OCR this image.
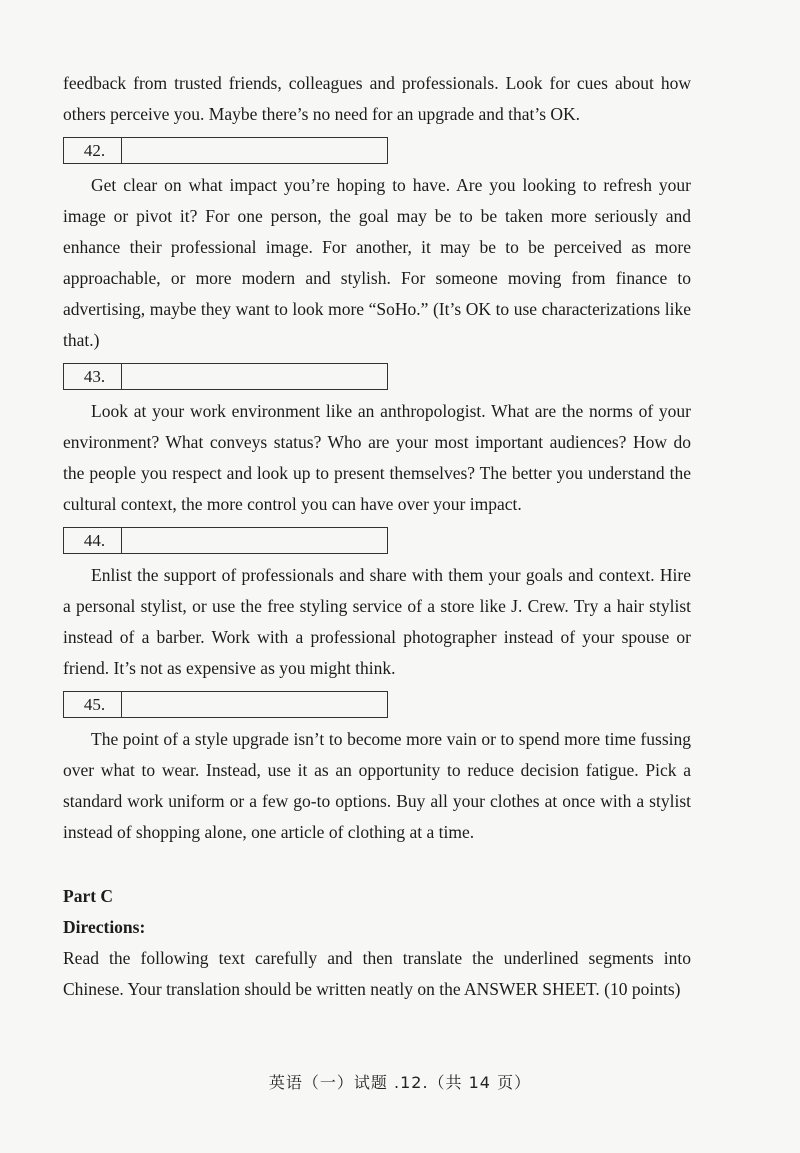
feedback from trusted friends, colleagues and professionals. Look for cues about how others perceive you. Maybe there’s no need for an upgrade and that’s OK.

42.

Get clear on what impact you’re hoping to have. Are you looking to refresh your image or pivot it? For one person, the goal may be to be taken more seriously and enhance their professional image. For another, it may be to be perceived as more approachable, or more modern and stylish. For someone moving from finance to advertising, maybe they want to look more “SoHo.” (It’s OK to use characterizations like that.)

43.

Look at your work environment like an anthropologist. What are the norms of your environment? What conveys status? Who are your most important audiences? How do the people you respect and look up to present themselves? The better you understand the cultural context, the more control you can have over your impact.

44.

Enlist the support of professionals and share with them your goals and context. Hire a personal stylist, or use the free styling service of a store like J. Crew. Try a hair stylist instead of a barber. Work with a professional photographer instead of your spouse or friend. It’s not as expensive as you might think.

45.

The point of a style upgrade isn’t to become more vain or to spend more time fussing over what to wear. Instead, use it as an opportunity to reduce decision fatigue. Pick a standard work uniform or a few go-to options. Buy all your clothes at once with a stylist instead of shopping alone, one article of clothing at a time.

Part C

Directions:

Read the following text carefully and then translate the underlined segments into Chinese. Your translation should be written neatly on the ANSWER SHEET. (10 points)

英语（一）试题 .12.（共 14 页）
